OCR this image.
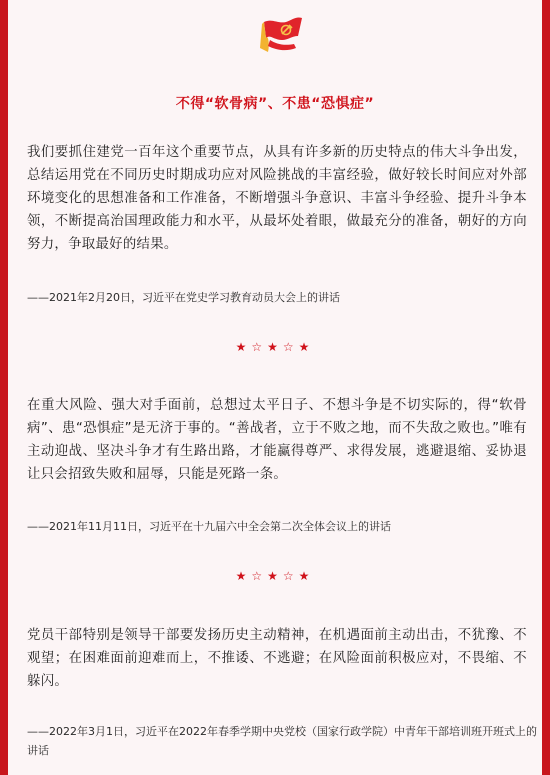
不得“软骨病”、不患“恐惧症”
我们要抓住建党一百年这个重要节点，从具有许多新的历史特点的伟大斗争出发，总结运用党在不同历史时期成功应对风险挑战的丰富经验，做好较长时间应对外部环境变化的思想准备和工作准备，不断增强斗争意识、丰富斗争经验、提升斗争本领，不断提高治国理政能力和水平，从最坏处着眼，做最充分的准备，朝好的方向努力，争取最好的结果。
——2021年2月20日，习近平在党史学习教育动员大会上的讲话
★☆★☆★
在重大风险、强大对手面前，总想过太平日子、不想斗争是不切实际的，得“软骨病”、患“恐惧症”是无济于事的。“善战者，立于不败之地，而不失敌之败也。”唯有主动迎战、坚决斗争才有生路出路，才能赢得尊严、求得发展，逃避退缩、妥协退让只会招致失败和屈辱，只能是死路一条。
——2021年11月11日，习近平在十九届六中全会第二次全体会议上的讲话
★☆★☆★
党员干部特别是领导干部要发扬历史主动精神，在机遇面前主动出击，不犹豫、不观望；在困难面前迎难而上，不推诿、不逃避；在风险面前积极应对，不畏缩、不躲闪。
——2022年3月1日，习近平在2022年春季学期中央党校（国家行政学院）中青年干部培训班开班式上的讲话
